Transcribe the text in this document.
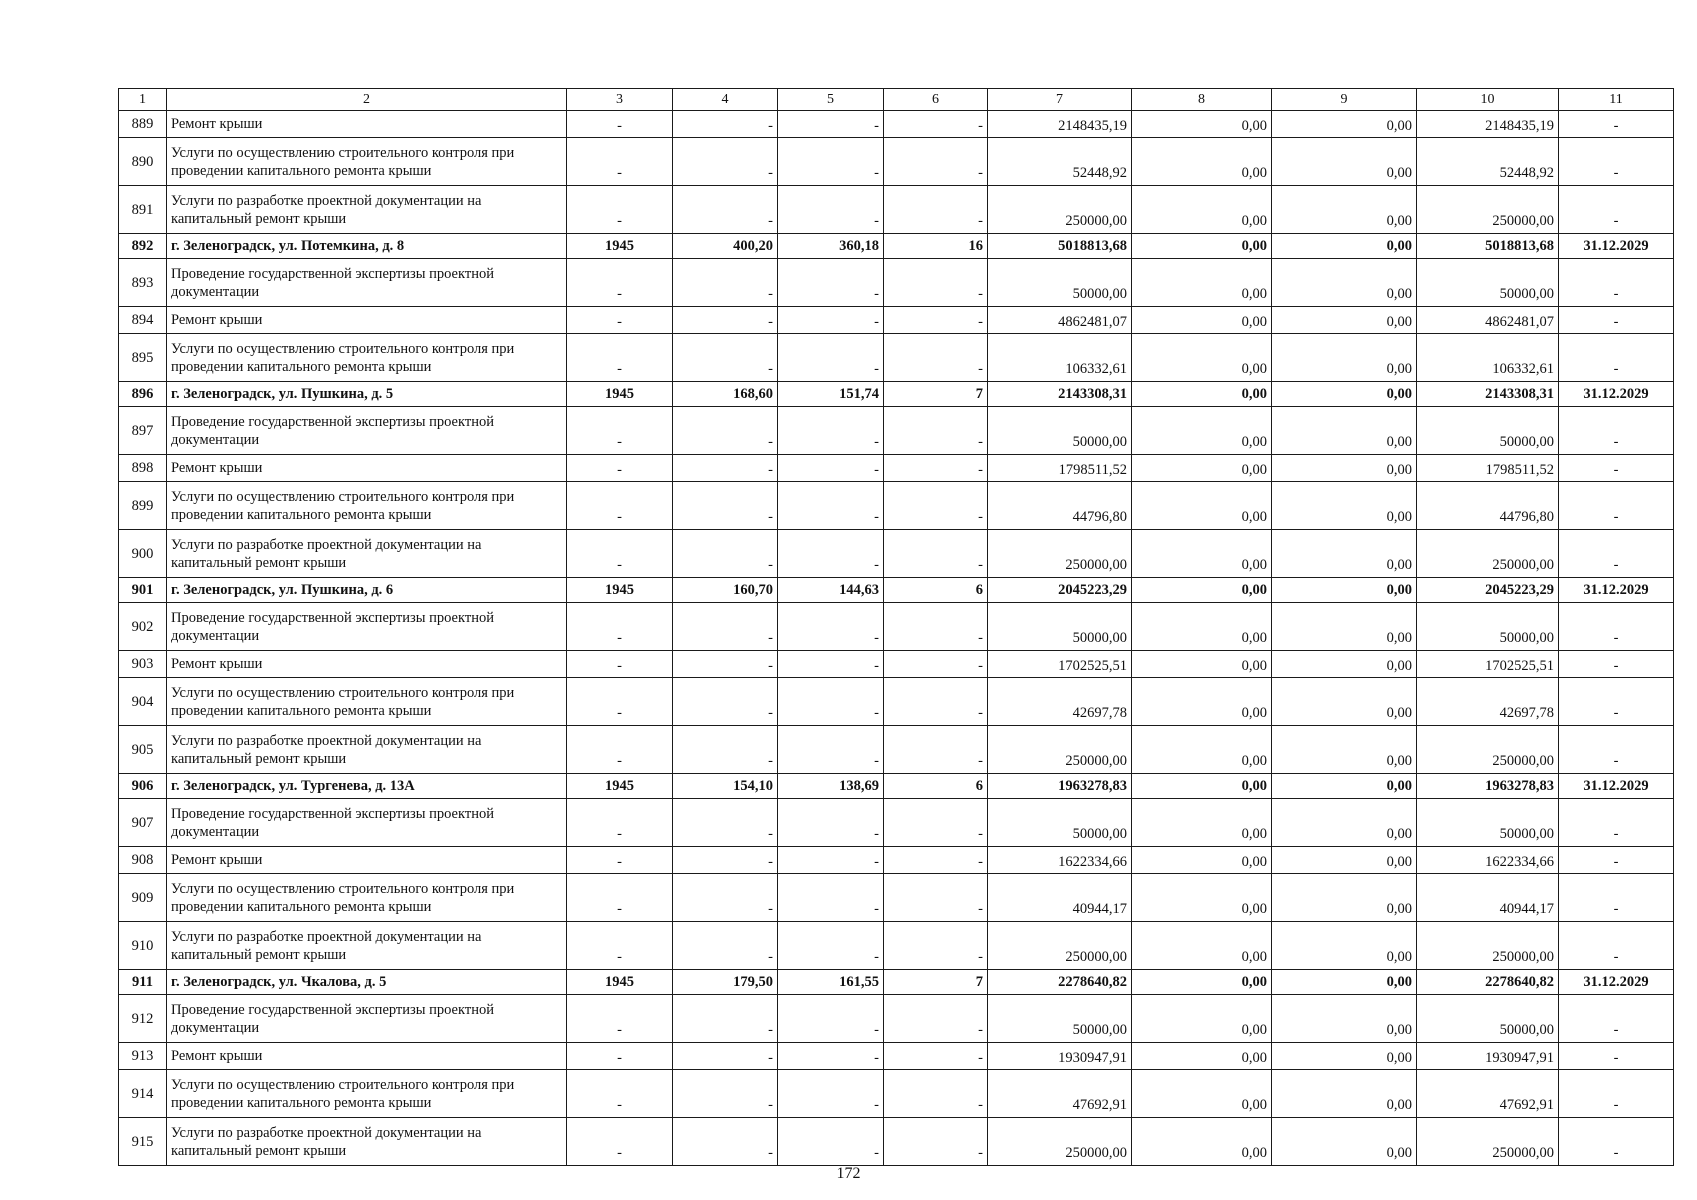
1	2	3	4	5	6	7	8	9	10	11
889	Ремонт крыши	-	-	-	-	2148435,19	0,00	0,00	2148435,19	-
890	Услуги по осуществлению строительного контроля при проведении капитального ремонта крыши	-	-	-	-	52448,92	0,00	0,00	52448,92	-
891	Услуги по разработке проектной документации на капитальный ремонт крыши	-	-	-	-	250000,00	0,00	0,00	250000,00	-
892	г. Зеленоградск, ул. Потемкина, д. 8	1945	400,20	360,18	16	5018813,68	0,00	0,00	5018813,68	31.12.2029
893	Проведение государственной экспертизы проектной документации	-	-	-	-	50000,00	0,00	0,00	50000,00	-
894	Ремонт крыши	-	-	-	-	4862481,07	0,00	0,00	4862481,07	-
895	Услуги по осуществлению строительного контроля при проведении капитального ремонта крыши	-	-	-	-	106332,61	0,00	0,00	106332,61	-
896	г. Зеленоградск, ул. Пушкина, д. 5	1945	168,60	151,74	7	2143308,31	0,00	0,00	2143308,31	31.12.2029
897	Проведение государственной экспертизы проектной документации	-	-	-	-	50000,00	0,00	0,00	50000,00	-
898	Ремонт крыши	-	-	-	-	1798511,52	0,00	0,00	1798511,52	-
899	Услуги по осуществлению строительного контроля при проведении капитального ремонта крыши	-	-	-	-	44796,80	0,00	0,00	44796,80	-
900	Услуги по разработке проектной документации на капитальный ремонт крыши	-	-	-	-	250000,00	0,00	0,00	250000,00	-
901	г. Зеленоградск, ул. Пушкина, д. 6	1945	160,70	144,63	6	2045223,29	0,00	0,00	2045223,29	31.12.2029
902	Проведение государственной экспертизы проектной документации	-	-	-	-	50000,00	0,00	0,00	50000,00	-
903	Ремонт крыши	-	-	-	-	1702525,51	0,00	0,00	1702525,51	-
904	Услуги по осуществлению строительного контроля при проведении капитального ремонта крыши	-	-	-	-	42697,78	0,00	0,00	42697,78	-
905	Услуги по разработке проектной документации на капитальный ремонт крыши	-	-	-	-	250000,00	0,00	0,00	250000,00	-
906	г. Зеленоградск, ул. Тургенева, д. 13А	1945	154,10	138,69	6	1963278,83	0,00	0,00	1963278,83	31.12.2029
907	Проведение государственной экспертизы проектной документации	-	-	-	-	50000,00	0,00	0,00	50000,00	-
908	Ремонт крыши	-	-	-	-	1622334,66	0,00	0,00	1622334,66	-
909	Услуги по осуществлению строительного контроля при проведении капитального ремонта крыши	-	-	-	-	40944,17	0,00	0,00	40944,17	-
910	Услуги по разработке проектной документации на капитальный ремонт крыши	-	-	-	-	250000,00	0,00	0,00	250000,00	-
911	г. Зеленоградск, ул. Чкалова, д. 5	1945	179,50	161,55	7	2278640,82	0,00	0,00	2278640,82	31.12.2029
912	Проведение государственной экспертизы проектной документации	-	-	-	-	50000,00	0,00	0,00	50000,00	-
913	Ремонт крыши	-	-	-	-	1930947,91	0,00	0,00	1930947,91	-
914	Услуги по осуществлению строительного контроля при проведении капитального ремонта крыши	-	-	-	-	47692,91	0,00	0,00	47692,91	-
915	Услуги по разработке проектной документации на капитальный ремонт крыши	-	-	-	-	250000,00	0,00	0,00	250000,00	-
172
